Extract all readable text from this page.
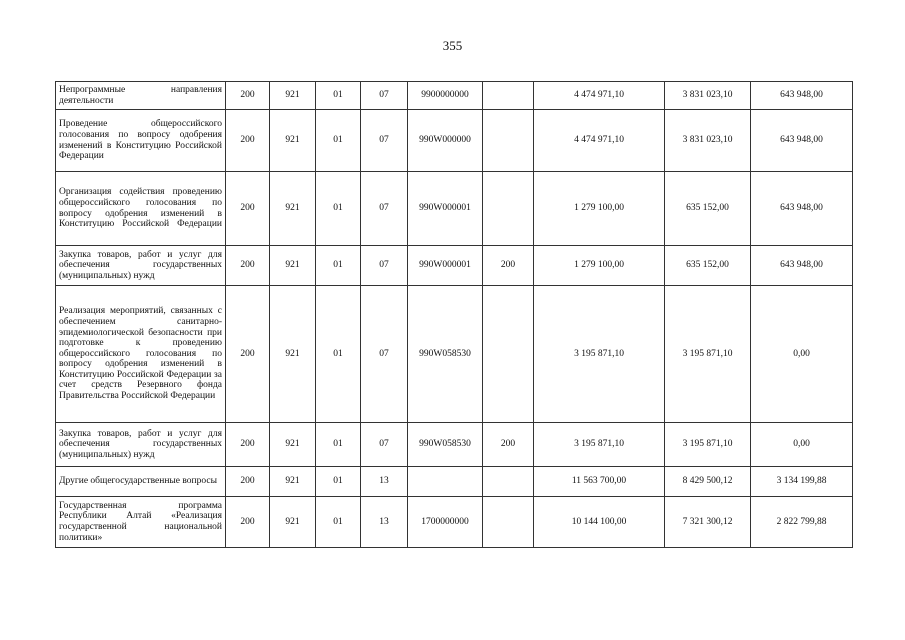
355
Непрограммные направления деятельности	200	921	01	07	9900000000		4 474 971,10	3 831 023,10	643 948,00
Проведение общероссийского голосования по вопросу одобрения изменений в Конституцию Российской Федерации	200	921	01	07	990W000000		4 474 971,10	3 831 023,10	643 948,00
Организация содействия проведению общероссийского голосования по вопросу одобрения изменений в Конституцию Российской Федерации	200	921	01	07	990W000001		1 279 100,00	635 152,00	643 948,00
Закупка товаров, работ и услуг для обеспечения государственных (муниципальных) нужд	200	921	01	07	990W000001	200	1 279 100,00	635 152,00	643 948,00
Реализация мероприятий, связанных с обеспечением санитарно-эпидемиологической безопасности при подготовке к проведению общероссийского голосования по вопросу одобрения изменений в Конституцию Российской Федерации за счет средств Резервного фонда Правительства Российской Федерации	200	921	01	07	990W058530		3 195 871,10	3 195 871,10	0,00
Закупка товаров, работ и услуг для обеспечения государственных (муниципальных) нужд	200	921	01	07	990W058530	200	3 195 871,10	3 195 871,10	0,00
Другие общегосударственные вопросы	200	921	01	13			11 563 700,00	8 429 500,12	3 134 199,88
Государственная программа Республики Алтай «Реализация государственной национальной политики»	200	921	01	13	1700000000		10 144 100,00	7 321 300,12	2 822 799,88
